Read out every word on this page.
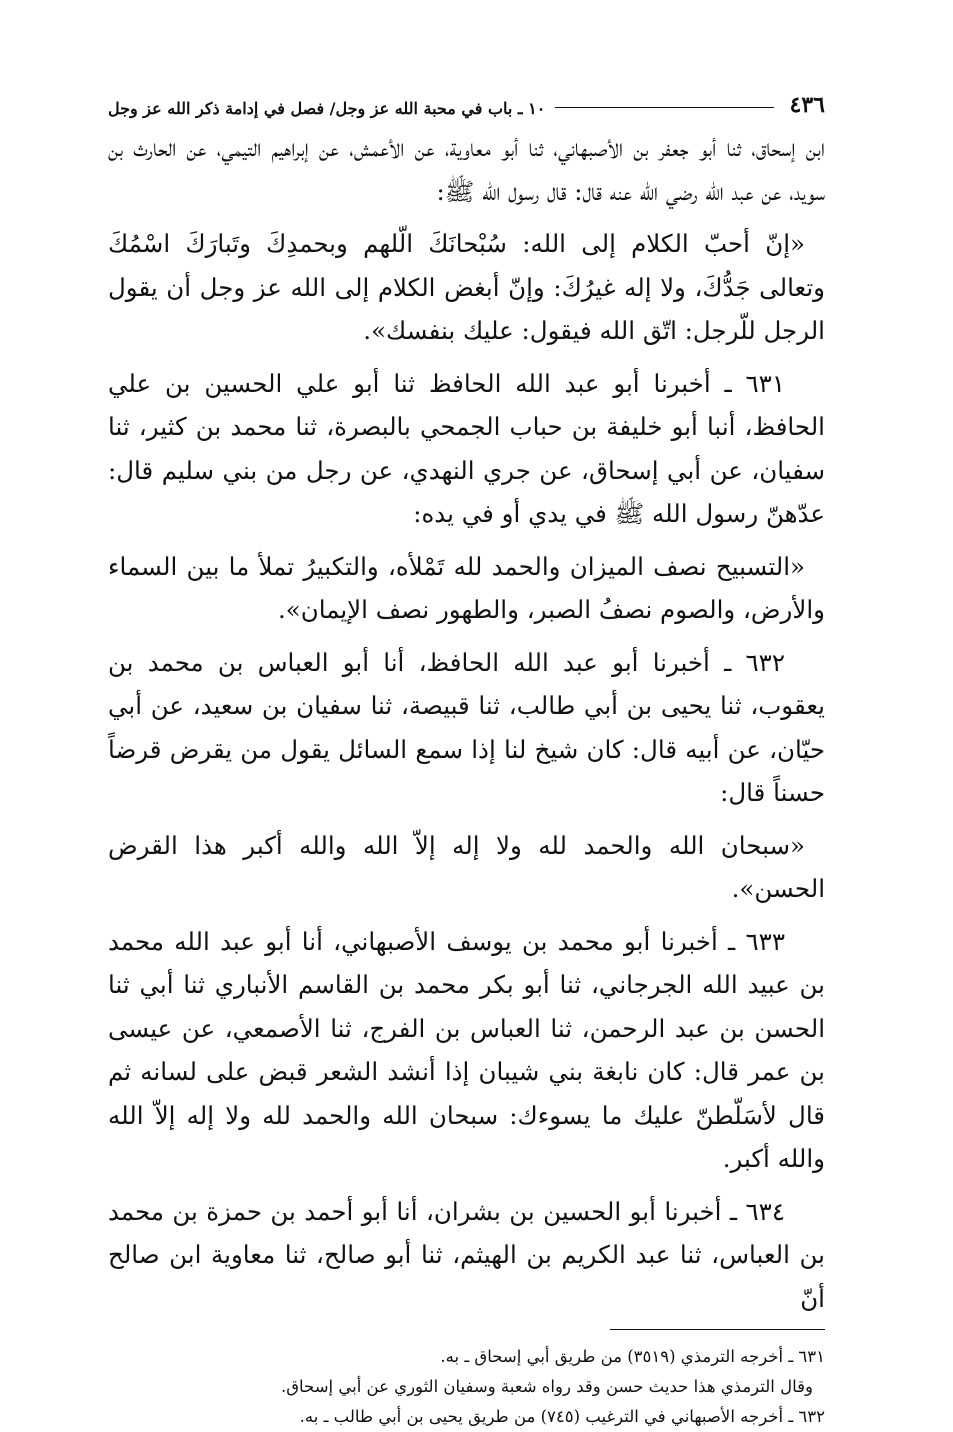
٤٣٦
١٠ ـ باب في محبة الله عز وجل/ فصل في إدامة ذكر الله عز وجل

ابن إسحاق، ثنا أبو جعفر بن الأصبهاني، ثنا أبو معاوية، عن الأعمش، عن إبراهيم التيمي، عن الحارث بن سويد، عن عبد الله رضي الله عنه قال: قال رسول الله ﷺ:

«إنّ أحبّ الكلام إلى الله: سُبْحانَكَ الّلهم وبحمدِكَ وتَبارَكَ اسْمُكَ وتعالى جَدُّكَ، ولا إله غيرُكَ: وإنّ أبغض الكلام إلى الله عز وجل أن يقول الرجل للّرجل: اتّق الله فيقول: عليك بنفسك».

٦٣١ ـ أخبرنا أبو عبد الله الحافظ ثنا أبو علي الحسين بن علي الحافظ، أنبا أبو خليفة بن حباب الجمحي بالبصرة، ثنا محمد بن كثير، ثنا سفيان، عن أبي إسحاق، عن جري النهدي، عن رجل من بني سليم قال: عدّهنّ رسول الله ﷺ في يدي أو في يده:

«التسبيح نصف الميزان والحمد لله تَمْلأه، والتكبيرُ تملأ ما بين السماء والأرض، والصوم نصفُ الصبر، والطهور نصف الإيمان».

٦٣٢ ـ أخبرنا أبو عبد الله الحافظ، أنا أبو العباس بن محمد بن يعقوب، ثنا يحيى بن أبي طالب، ثنا قبيصة، ثنا سفيان بن سعيد، عن أبي حيّان، عن أبيه قال: كان شيخ لنا إذا سمع السائل يقول من يقرض قرضاً حسناً قال:

«سبحان الله والحمد لله ولا إله إلاّ الله والله أكبر هذا القرض الحسن».

٦٣٣ ـ أخبرنا أبو محمد بن يوسف الأصبهاني، أنا أبو عبد الله محمد بن عبيد الله الجرجاني، ثنا أبو بكر محمد بن القاسم الأنباري ثنا أبي ثنا الحسن بن عبد الرحمن، ثنا العباس بن الفرج، ثنا الأصمعي، عن عيسى بن عمر قال: كان نابغة بني شيبان إذا أنشد الشعر قبض على لسانه ثم قال لأسَلّطنّ عليك ما يسوءك: سبحان الله والحمد لله ولا إله إلاّ الله والله أكبر.

٦٣٤ ـ أخبرنا أبو الحسين بن بشران، أنا أبو أحمد بن حمزة بن محمد بن العباس، ثنا عبد الكريم بن الهيثم، ثنا أبو صالح، ثنا معاوية ابن صالح أنّ

٦٣١ ـ أخرجه الترمذي (٣٥١٩) من طريق أبي إسحاق ـ به.
وقال الترمذي هذا حديث حسن وقد رواه شعبة وسفيان الثوري عن أبي إسحاق.
٦٣٢ ـ أخرجه الأصبهاني في الترغيب (٧٤٥) من طريق يحيى بن أبي طالب ـ به.
